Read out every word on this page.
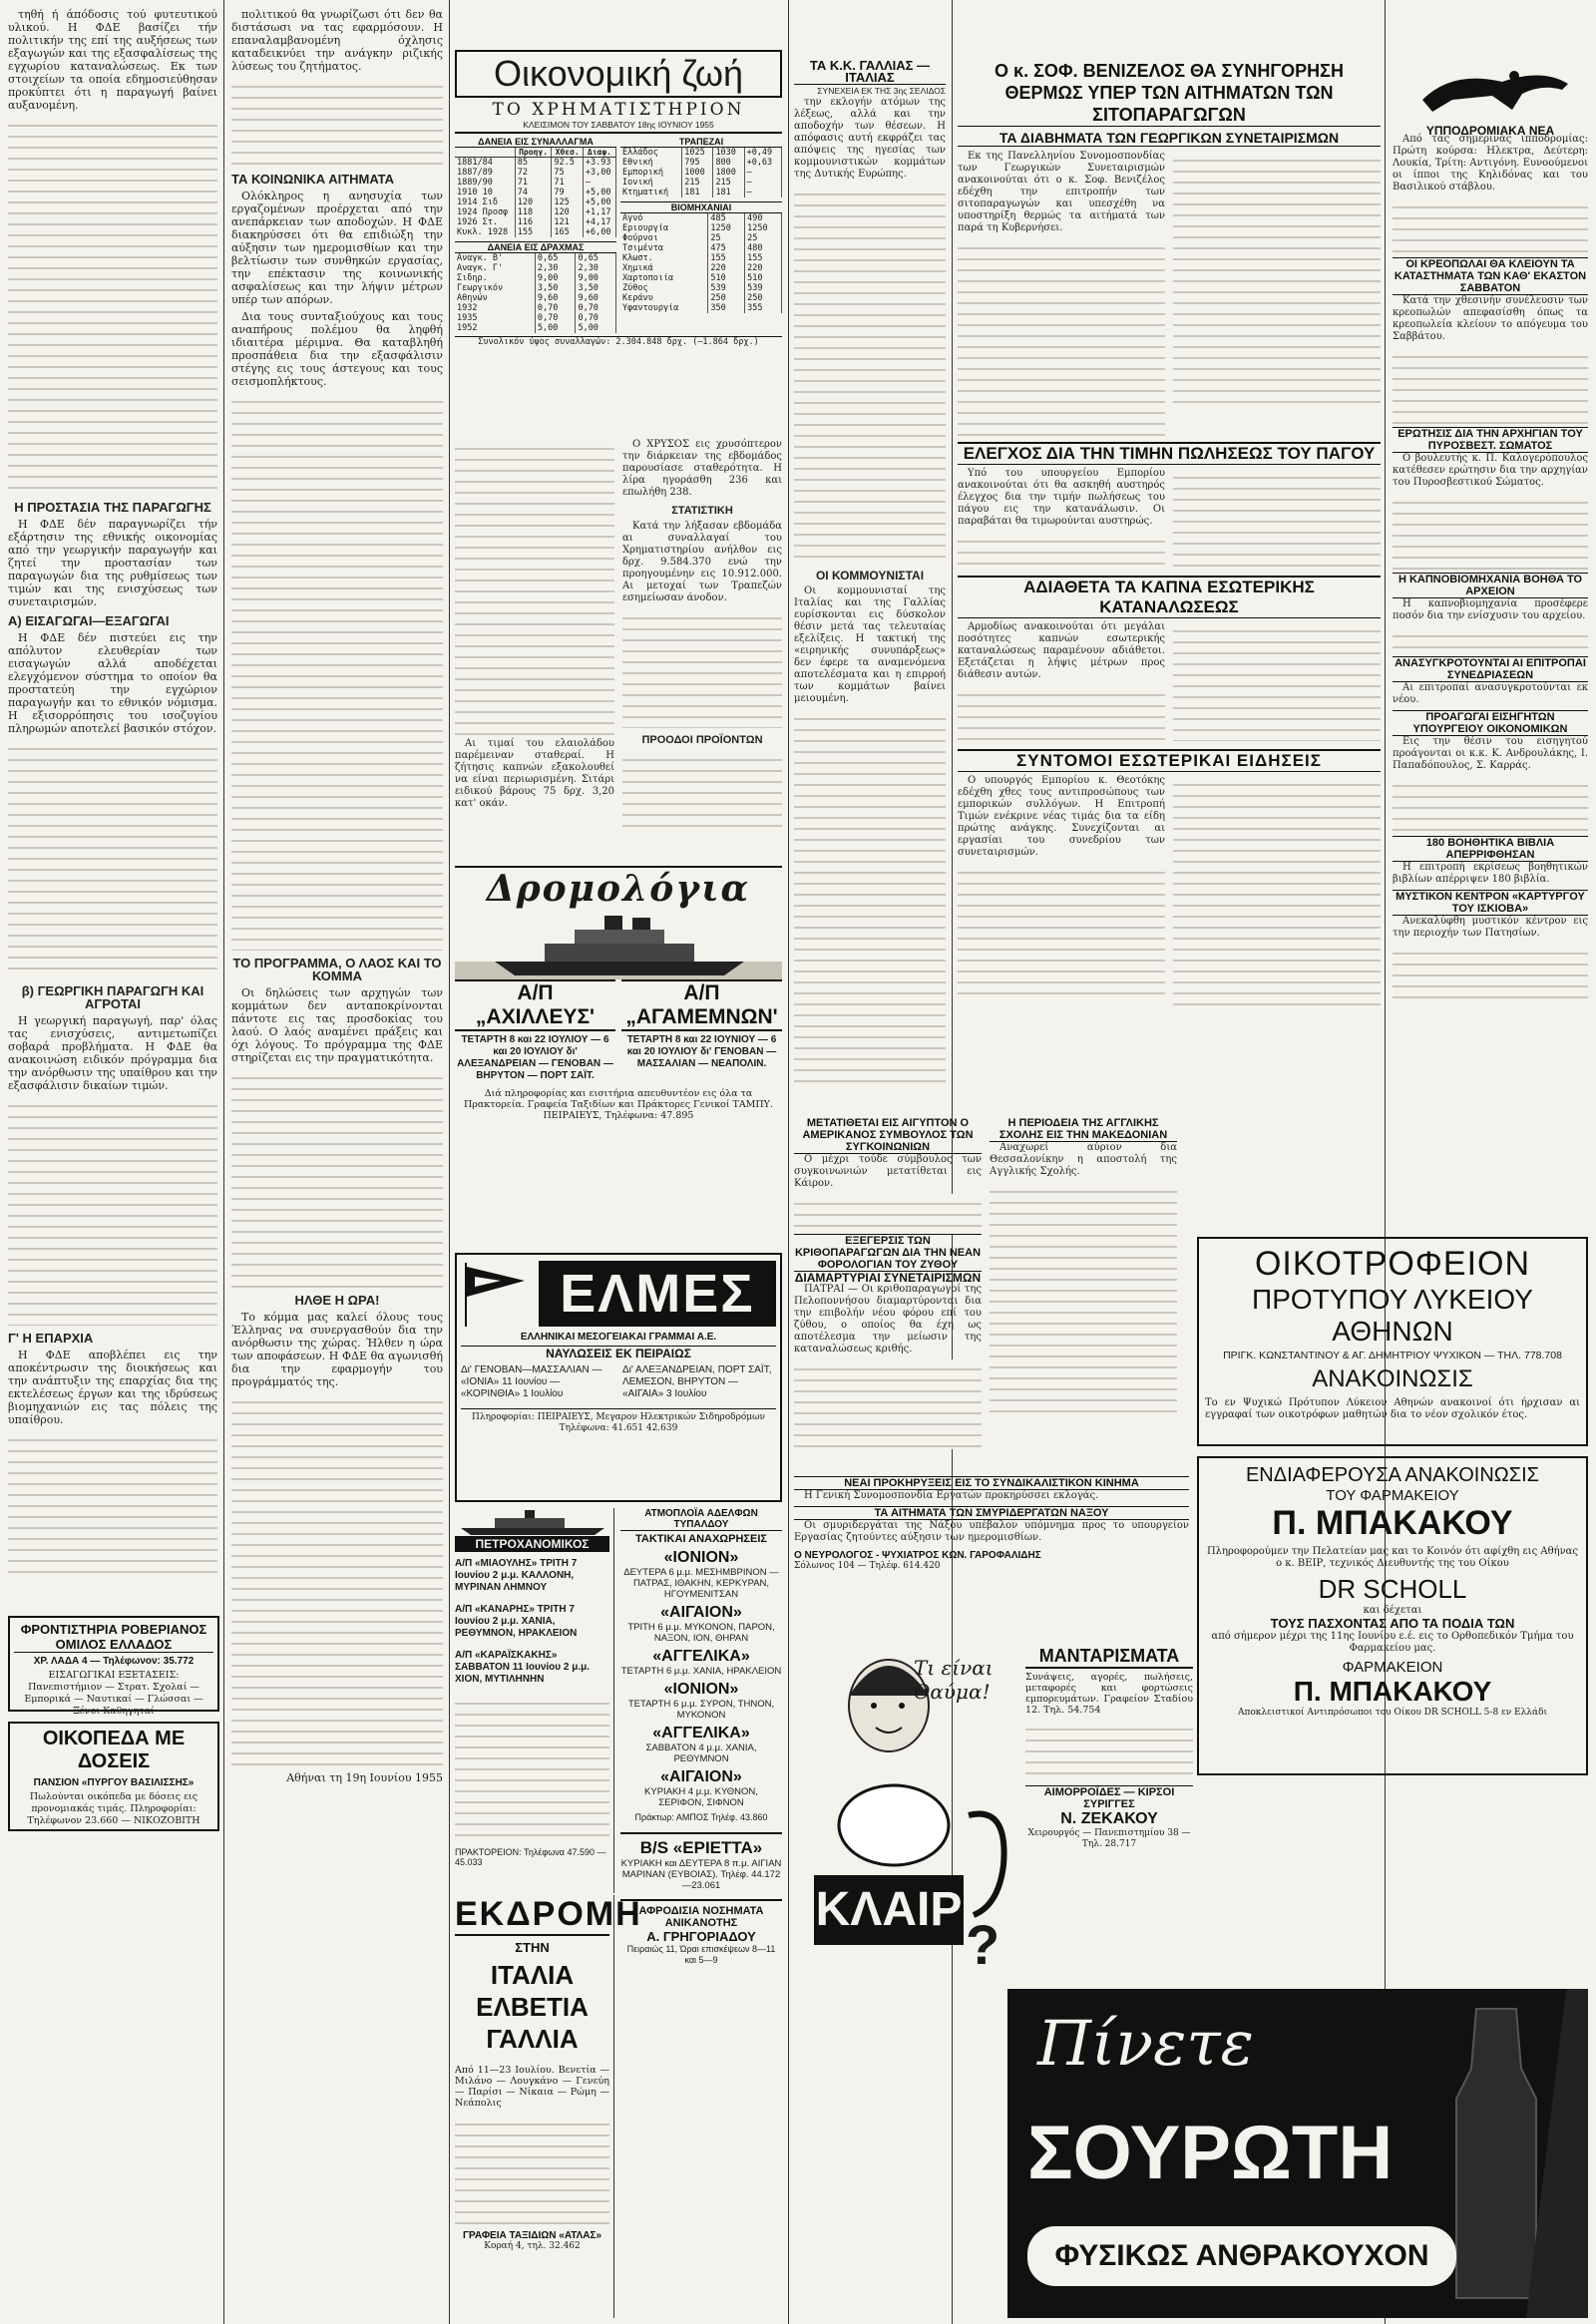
τηθή ή άπόδοσις τού φυτευτικού υλικού. Η ΦΔΕ βασίζει τήν πολιτικήν της επί της αυξήσεως των εξαγωγών και της εξασφαλίσεως της εγχωρίου καταναλώσεως. Εκ των στοιχείων τα οποία εδημοσιεύθησαν προκύπτει ότι η παραγωγή βαίνει αυξανομένη.

Η ΠΡΟΣΤΑΣΙΑ ΤΗΣ ΠΑΡΑΓΩΓΗΣ

Η ΦΔΕ δέν παραγνωρίζει τήν εξάρτησιν της εθνικής οικονομίας από την γεωργικήν παραγωγήν και ζητεί την προστασίαν των παραγωγών δια της ρυθμίσεως των τιμών και της ενισχύσεως των συνεταιρισμών.

Α) ΕΙΣΑΓΩΓΑΙ—ΕΞΑΓΩΓΑΙ

Η ΦΔΕ δέν πιστεύει εις την απόλυτον ελευθερίαν των εισαγωγών αλλά αποδέχεται ελεγχόμενον σύστημα το οποίον θα προστατεύη την εγχώριον παραγωγήν και το εθνικόν νόμισμα. Η εξισορρόπησις του ισοζυγίου πληρωμών αποτελεί βασικόν στόχον.

β) ΓΕΩΡΓΙΚΗ ΠΑΡΑΓΩΓΗ ΚΑΙ ΑΓΡΟΤΑΙ

Η γεωργική παραγωγή, παρ' όλας τας ενισχύσεις, αντιμετωπίζει σοβαρά προβλήματα. Η ΦΔΕ θα ανακοινώση ειδικόν πρόγραμμα δια την ανόρθωσιν της υπαίθρου και την εξασφάλισιν δικαίων τιμών.

Γ' Η ΕΠΑΡΧΙΑ

Η ΦΔΕ αποβλέπει εις την αποκέντρωσιν της διοικήσεως και την ανάπτυξιν της επαρχίας δια της εκτελέσεως έργων και της ιδρύσεως βιομηχανιών εις τας πόλεις της υπαίθρου.

ΦΡΟΝΤΙΣΤΗΡΙΑ ΡΟΒΕΡΙΑΝΟΣ ΟΜΙΛΟΣ ΕΛΛΑΔΟΣ
ΧΡ. ΛΑΔΑ 4 — Τηλέφωνον: 35.772
ΕΙΣΑΓΩΓΙΚΑΙ ΕΞΕΤΑΣΕΙΣ: Πανεπιστήμιον — Στρατ. Σχολαί — Εμπορικά — Ναυτικαί — Γλώσσαι — Ξένοι Καθηγηταί
ΟΙΚΟΠΕΔΑ ΜΕ ΔΟΣΕΙΣ
ΠΑΝΣΙΟΝ «ΠΥΡΓΟΥ ΒΑΣΙΛΙΣΣΗΣ»
Πωλούνται οικόπεδα με δόσεις εις προνομιακάς τιμάς. Πληροφορίαι: Τηλέφωνον 23.660 — ΝΙΚΟΖΟΒΙΤΗ

πολιτικού θα γνωρίζωσι ότι δεν θα διστάσωσι να τας εφαρμόσουν. Η επαναλαμβανομένη όχλησις καταδεικνύει την ανάγκην ριζικής λύσεως του ζητήματος.

ΤΑ ΚΟΙΝΩΝΙΚΑ ΑΙΤΗΜΑΤΑ

Ολόκληρος η ανησυχία των εργαζομένων προέρχεται από την ανεπάρκειαν των αποδοχών. Η ΦΔΕ διακηρύσσει ότι θα επιδιώξη την αύξησιν των ημερομισθίων και την βελτίωσιν των συνθηκών εργασίας, την επέκτασιν της κοινωνικής ασφαλίσεως και την λήψιν μέτρων υπέρ των απόρων.

Δια τους συνταξιούχους και τους αναπήρους πολέμου θα ληφθή ιδιαιτέρα μέριμνα. Θα καταβληθή προσπάθεια δια την εξασφάλισιν στέγης εις τους άστεγους και τους σεισμοπλήκτους.

ΤΟ ΠΡΟΓΡΑΜΜΑ, Ο ΛΑΟΣ ΚΑΙ ΤΟ ΚΟΜΜΑ

Οι δηλώσεις των αρχηγών των κομμάτων δεν ανταποκρίνονται πάντοτε εις τας προσδοκίας του λαού. Ο λαός αναμένει πράξεις και όχι λόγους. Το πρόγραμμα της ΦΔΕ στηρίζεται εις την πραγματικότητα.

ΗΛΘΕ Η ΩΡΑ!

Το κόμμα μας καλεί όλους τους Έλληνας να συνεργασθούν δια την ανόρθωσιν της χώρας. Ήλθεν η ώρα των αποφάσεων. Η ΦΔΕ θα αγωνισθή δια την εφαρμογήν του προγράμματός της.

Αθήναι τη 19η Ιουνίου 1955

Οικονομική ζωή
ΤΟ ΧΡΗΜΑΤΙΣΤΗΡΙΟΝ
ΚΛΕΙΣΙΜΟΝ ΤΟΥ ΣΑΒΒΑΤΟΥ 18ης ΙΟΥΝΙΟΥ 1955
ΔΑΝΕΙΑ ΕΙΣ ΣΥΝΑΛΛΑΓΜΑ
	Προηγ.	Χθεσ.	Διαφ.
1881/84	85	92.5	+3.93
1887/89	72	75	+3,00
1889/90	71	71	—
1910 10	74	79	+5,00
1914 Σιδ	120	125	+5,00
1924 Προσφ	118	120	+1,17
1926 Στ.	116	121	+4,17
Κυκλ. 1928	155	165	+6,00
ΔΑΝΕΙΑ ΕΙΣ ΔΡΑΧΜΑΣ
Αναγκ. Β'	0,65	0,65
Αναγκ. Γ'	2,30	2,30
Σιδηρ.	9,00	9,00
Γεωργικόν	3,50	3,50
Αθηνών	9,60	9,60
1932	0,70	0,70
1935	0,70	0,70
1952	5,00	5,00
ΤΡΑΠΕΖΑΙ
Ελλάδος	1025	1030	+0,49
Εθνική	795	800	+0,63
Εμπορική	1000	1800	—
Ιονική	215	215	—
Κτηματική	181	181	—
ΒΙΟΜΗΧΑΝΙΑΙ
Αγνό	485	490
Εριουργία	1250	1250
Φούρνοι	25	25
Τσιμέντα	475	480
Κλωστ.	155	155
Χημικά	220	220
Χαρτοποιία	510	510
Ζύθος	539	539
Κεράνυ	250	250
Υφαντουργία	350	355
Συνολικόν ύψος συναλλαγών: 2.304.848 δρχ. (—1.864 δρχ.)

Αι τιμαί του ελαιολάδου παρέμειναν σταθεραί. Η ζήτησις καπνών εξακολουθεί να είναι περιωρισμένη. Σιτάρι ειδικού βάρους 75 δρχ. 3,20 κατ' οκάν.

Ο ΧΡΥΣΟΣ εις χρυσόπτερον την διάρκειαν της εβδομάδος παρουσίασε σταθερότητα. Η λίρα ηγοράσθη 236 και επωλήθη 238.

ΣΤΑΤΙΣΤΙΚΗ

Κατά την λήξασαν εβδομάδα αι συναλλαγαί του Χρηματιστηρίου ανήλθον εις δρχ. 9.584.370 ενώ την προηγουμένην εις 10.912.000. Αι μετοχαί των Τραπεζών εσημείωσαν άνοδον.

ΠΡΟΟΔΟΙ ΠΡΟΪΟΝΤΩΝ
Δρομολόγια
Α/Π „ΑΧΙΛΛΕΥΣ'
ΤΕΤΑΡΤΗ 8 και 22 ΙΟΥΛΙΟΥ — 6 και 20 ΙΟΥΛΙΟΥ δι' ΑΛΕΞΑΝΔΡΕΙΑΝ — ΓΕΝΟΒΑΝ — ΒΗΡΥΤΟΝ — ΠΟΡΤ ΣΑΪΤ.
Α/Π „ΑΓΑΜΕΜΝΩΝ'
ΤΕΤΑΡΤΗ 8 και 22 ΙΟΥΝΙΟΥ — 6 και 20 ΙΟΥΛΙΟΥ δι' ΓΕΝΟΒΑΝ — ΜΑΣΣΑΛΙΑΝ — ΝΕΑΠΟΛΙΝ.
Διά πληροφορίας και εισιτήρια απευθυντέον εις όλα τα Πρακτορεία. Γραφεία Ταξιδίων και Πράκτορες Γενικοί ΤΑΜΠΥ. ΠΕΙΡΑΙΕΥΣ, Τηλέφωνα: 47.895
ΕΛΜΕΣ
ΕΛΛΗΝΙΚΑΙ ΜΕΣΟΓΕΙΑΚΑΙ ΓΡΑΜΜΑΙ Α.Ε.
ΝΑΥΛΩΣΕΙΣ ΕΚ ΠΕΙΡΑΙΩΣ
Δι' ΓΕΝΟΒΑΝ—ΜΑΣΣΑΛΙΑΝ — «ΙΟΝΙΑ» 11 Ιουνίου — «ΚΟΡΙΝΘΙΑ» 1 Ιουλίου
Δι' ΑΛΕΞΑΝΔΡΕΙΑΝ, ΠΟΡΤ ΣΑΪΤ, ΛΕΜΕΣΟΝ, ΒΗΡΥΤΟΝ — «ΑΙΓΑΙΑ» 3 Ιουλίου
Πληροφορίαι: ΠΕΙΡΑΙΕΥΣ, Μεγαρον Ηλεκτρικών Σιδηροδρόμων Τηλέφωνα: 41.651 42.639
ΠΕΤΡΟΧΑΝΟΜΙΚΟΣ
Α/Π «ΜΙΑΟΥΛΗΣ» ΤΡΙΤΗ 7 Ιουνίου 2 μ.μ. ΚΑΛΛΟΝΗ, ΜΥΡΙΝΑΝ ΛΗΜΝΟΥ
Α/Π «ΚΑΝΑΡΗΣ» ΤΡΙΤΗ 7 Ιουνίου 2 μ.μ. ΧΑΝΙΑ, ΡΕΘΥΜΝΟΝ, ΗΡΑΚΛΕΙΟΝ
Α/Π «ΚΑΡΑΪΣΚΑΚΗΣ» ΣΑΒΒΑΤΟΝ 11 Ιουνίου 2 μ.μ. ΧΙΟΝ, ΜΥΤΙΛΗΝΗΝ
ΠΡΑΚΤΟΡΕΙΟΝ: Τηλέφωνα 47.590 — 45.033
ΑΤΜΟΠΛΟΪΑ ΑΔΕΛΦΩΝ ΤΥΠΑΛΔΟΥ
ΤΑΚΤΙΚΑΙ ΑΝΑΧΩΡΗΣΕΙΣ
«ΙΟΝΙΟΝ»
ΔΕΥΤΕΡΑ 6 μ.μ. ΜΕΣΗΜΒΡΙΝΟΝ — ΠΑΤΡΑΣ, ΙΘΑΚΗΝ, ΚΕΡΚΥΡΑΝ, ΗΓΟΥΜΕΝΙΤΣΑΝ
«ΑΙΓΑΙΟΝ»
ΤΡΙΤΗ 6 μ.μ. ΜΥΚΟΝΟΝ, ΠΑΡΟΝ, ΝΑΞΟΝ, ΙΟΝ, ΘΗΡΑΝ
«ΑΓΓΕΛΙΚΑ»
ΤΕΤΑΡΤΗ 6 μ.μ. ΧΑΝΙΑ, ΗΡΑΚΛΕΙΟΝ
«ΙΟΝΙΟΝ»
ΤΕΤΑΡΤΗ 6 μ.μ. ΣΥΡΟΝ, ΤΗΝΟΝ, ΜΥΚΟΝΟΝ
«ΑΓΓΕΛΙΚΑ»
ΣΑΒΒΑΤΟΝ 4 μ.μ. ΧΑΝΙΑ, ΡΕΘΥΜΝΟΝ
«ΑΙΓΑΙΟΝ»
ΚΥΡΙΑΚΗ 4 μ.μ. ΚΥΘΝΟΝ, ΣΕΡΙΦΟΝ, ΣΙΦΝΟΝ
Πράκτωρ: ΑΜΠΟΣ Τηλέφ. 43.860
Β/S «ΕΡΙΕΤΤΑ»
ΚΥΡΙΑΚΗ και ΔΕΥΤΕΡΑ 8 π.μ. ΑΙΓΙΑΝ ΜΑΡΙΝΑΝ (ΕΥΒΟΙΑΣ). Τηλέφ. 44.172—23.061
ΑΦΡΟΔΙΣΙΑ ΝΟΣΗΜΑΤΑ ΑΝΙΚΑΝΟΤΗΣ
Α. ΓΡΗΓΟΡΙΑΔΟΥ
Πειραιώς 11, Ώραι επισκέψεων 8—11 και 5—9
ΕΚΔΡΟΜΗ
ΣΤΗΝ
ΙΤΑΛΙΑ ΕΛΒΕΤΙΑ ΓΑΛΛΙΑ
Από 11—23 Ιουλίου. Βενετία — Μιλάνο — Λουγκάνο — Γενεύη — Παρίσι — Νίκαια — Ρώμη — Νεάπολις
ΓΡΑΦΕΙΑ ΤΑΞΙΔΙΩΝ «ΑΤΛΑΣ»
Κοραή 4, τηλ. 32.462
ΤΑ Κ.Κ. ΓΑΛΛΙΑΣ — ΙΤΑΛΙΑΣ
ΣΥΝΕΧΕΙΑ ΕΚ ΤΗΣ 3ης ΣΕΛΙΔΟΣ

την εκλογήν ατόμων της λέξεως, αλλά και την αποδοχήν των θέσεων. Η απόφασις αυτή εκφράζει τας απόψεις της ηγεσίας των κομμουνιστικών κομμάτων της Δυτικής Ευρώπης.

ΟΙ ΚΟΜΜΟΥΝΙΣΤΑΙ

Οι κομμουνισταί της Ιταλίας και της Γαλλίας ευρίσκονται εις δύσκολον θέσιν μετά τας τελευταίας εξελίξεις. Η τακτική της «ειρηνικής συνυπάρξεως» δεν έφερε τα αναμενόμενα αποτελέσματα και η επιρροή των κομμάτων βαίνει μειουμένη.

Ο κ. ΣΟΦ. ΒΕΝΙΖΕΛΟΣ ΘΑ ΣΥΝΗΓΟΡΗΣΗ ΘΕΡΜΩΣ ΥΠΕΡ ΤΩΝ ΑΙΤΗΜΑΤΩΝ ΤΩΝ ΣΙΤΟΠΑΡΑΓΩΓΩΝ
ΤΑ ΔΙΑΒΗΜΑΤΑ ΤΩΝ ΓΕΩΡΓΙΚΩΝ ΣΥΝΕΤΑΙΡΙΣΜΩΝ

Εκ της Πανελληνίου Συνομοσπονδίας των Γεωργικών Συνεταιρισμών ανακοινούται ότι ο κ. Σοφ. Βενιζέλος εδέχθη την επιτροπήν των σιτοπαραγωγών και υπεσχέθη να υποστηρίξη θερμώς τα αιτήματά των παρά τη Κυβερνήσει.

ΕΛΕΓΧΟΣ ΔΙΑ ΤΗΝ ΤΙΜΗΝ ΠΩΛΗΣΕΩΣ ΤΟΥ ΠΑΓΟΥ

Υπό του υπουργείου Εμπορίου ανακοινούται ότι θα ασκηθή αυστηρός έλεγχος δια την τιμήν πωλήσεως του πάγου εις την κατανάλωσιν. Οι παραβάται θα τιμωρούνται αυστηρώς.

ΑΔΙΑΘΕΤΑ ΤΑ ΚΑΠΝΑ ΕΣΩΤΕΡΙΚΗΣ ΚΑΤΑΝΑΛΩΣΕΩΣ

Αρμοδίως ανακοινούται ότι μεγάλαι ποσότητες καπνών εσωτερικής καταναλώσεως παραμένουν αδιάθετοι. Εξετάζεται η λήψις μέτρων προς διάθεσιν αυτών.

ΣΥΝΤΟΜΟΙ ΕΣΩΤΕΡΙΚΑΙ ΕΙΔΗΣΕΙΣ

Ο υπουργός Εμπορίου κ. Θεοτόκης εδέχθη χθες τους αντιπροσώπους των εμπορικών συλλόγων. Η Επιτροπή Τιμών ενέκρινε νέας τιμάς δια τα είδη πρώτης ανάγκης. Συνεχίζονται αι εργασίαι του συνεδρίου των συνεταιρισμών.

ΜΕΤΑΤΙΘΕΤΑΙ ΕΙΣ ΑΙΓΥΠΤΟΝ Ο ΑΜΕΡΙΚΑΝΟΣ ΣΥΜΒΟΥΛΟΣ ΤΩΝ ΣΥΓΚΟΙΝΩΝΙΩΝ

Ο μέχρι τούδε σύμβουλος των συγκοινωνιών μετατίθεται εις Κάιρον.

ΕΞΕΓΕΡΣΙΣ ΤΩΝ ΚΡΙΘΟΠΑΡΑΓΩΓΩΝ ΔΙΑ ΤΗΝ ΝΕΑΝ ΦΟΡΟΛΟΓΙΑΝ ΤΟΥ ΖΥΘΟΥ
ΔΙΑΜΑΡΤΥΡΙΑΙ ΣΥΝΕΤΑΙΡΙΣΜΩΝ

ΠΑΤΡΑΙ — Οι κριθοπαραγωγοί της Πελοποννήσου διαμαρτύρονται δια την επιβολήν νέου φόρου επί του ζύθου, ο οποίος θα έχη ως αποτέλεσμα την μείωσιν της καταναλώσεως κριθής.

Η ΠΕΡΙΟΔΕΙΑ ΤΗΣ ΑΓΓΛΙΚΗΣ ΣΧΟΛΗΣ ΕΙΣ ΤΗΝ ΜΑΚΕΔΟΝΙΑΝ

Αναχωρεί αύριον δια Θεσσαλονίκην η αποστολή της Αγγλικής Σχολής.

ΝΕΑΙ ΠΡΟΚΗΡΥΞΕΙΣ ΕΙΣ ΤΟ ΣΥΝΔΙΚΑΛΙΣΤΙΚΟΝ ΚΙΝΗΜΑ

Η Γενική Συνομοσπονδία Εργατών προκηρύσσει εκλογάς.

ΤΑ ΑΙΤΗΜΑΤΑ ΤΩΝ ΣΜΥΡΙΔΕΡΓΑΤΩΝ ΝΑΞΟΥ

Οι σμυριδεργάται της Νάξου υπέβαλον υπόμνημα προς το υπουργείον Εργασίας ζητούντες αύξησιν των ημερομισθίων.

Ο ΝΕΥΡΟΛΟΓΟΣ - ΨΥΧΙΑΤΡΟΣ ΚΩΝ. ΓΑΡΟΦΑΛΙΔΗΣ
Σόλωνος 104 — Τηλέφ. 614.420
Τι είναι Θαύμα!
ΚΛΑΙΡ
?
ΜΑΝΤΑΡΙΣΜΑΤΑ
Συνάψεις, αγορές, πωλήσεις, μεταφορές και φορτώσεις εμπορευμάτων. Γραφείον Σταδίου 12. Τηλ. 54.754
ΑΙΜΟΡΡΟΪΔΕΣ — ΚΙΡΣΟΙ ΣΥΡΙΓΓΕΣ
Ν. ΖΕΚΑΚΟΥ
Χειρουργός — Πανεπιστημίου 38 — Τηλ. 28.717
ΥΠΠΟΔΡΟΜΙΑΚΑ ΝΕΑ

Από τας σημερινάς ιπποδρομίας: Πρώτη κούρσα: Ηλεκτρα, Δεύτερη: Λουκία, Τρίτη: Αντιγόνη. Ευνοούμενοι οι ίπποι της Κηλιδόνας και του Βασιλικού στάβλου.

ΟΙ ΚΡΕΟΠΩΛΑΙ ΘΑ ΚΛΕΙΟΥΝ ΤΑ ΚΑΤΑΣΤΗΜΑΤΑ ΤΩΝ ΚΑΘ' ΕΚΑΣΤΟΝ ΣΑΒΒΑΤΟΝ

Κατά την χθεσινήν συνέλευσιν των κρεοπωλών απεφασίσθη όπως τα κρεοπωλεία κλείουν το απόγευμα του Σαββάτου.

ΕΡΩΤΗΣΙΣ ΔΙΑ ΤΗΝ ΑΡΧΗΓΙΑΝ ΤΟΥ ΠΥΡΟΣΒΕΣΤ. ΣΩΜΑΤΟΣ

Ο βουλευτής κ. Π. Καλογερόπουλος κατέθεσεν ερώτησιν δια την αρχηγίαν του Πυροσβεστικού Σώματος.

Η ΚΑΠΝΟΒΙΟΜΗΧΑΝΙΑ ΒΟΗΘΑ ΤΟ ΑΡΧΕΙΟΝ

Η καπνοβιομηχανία προσέφερε ποσόν δια την ενίσχυσιν του αρχείου.

ΑΝΑΣΥΓΚΡΟΤΟΥΝΤΑΙ ΑΙ ΕΠΙΤΡΟΠΑΙ ΣΥΝΕΔΡΙΑΣΕΩΝ

Αι επιτροπαί ανασυγκροτούνται εκ νέου.

ΠΡΟΑΓΩΓΑΙ ΕΙΣΗΓΗΤΩΝ ΥΠΟΥΡΓΕΙΟΥ ΟΙΚΟΝΟΜΙΚΩΝ

Εις την θέσιν του εισηγητού προάγονται οι κ.κ. Κ. Ανδρουλάκης, Ι. Παπαδόπουλος, Σ. Καρράς.

180 ΒΟΗΘΗΤΙΚΑ ΒΙΒΛΙΑ ΑΠΕΡΡΙΦΘΗΣΑΝ

Η επιτροπή εκρίσεως βοηθητικών βιβλίων απέρριψεν 180 βιβλία.

ΜΥΣΤΙΚΟΝ ΚΕΝΤΡΟΝ «ΚΑΡΤΥΡΓΟΥ ΤΟΥ ΙΣΚΙΟΒΑ»

Ανεκαλύφθη μυστικόν κέντρον εις την περιοχήν των Πατησίων.

ΟΙΚΟΤΡΟΦΕΙΟΝ
ΠΡΟΤΥΠΟΥ ΛΥΚΕΙΟΥ ΑΘΗΝΩΝ
ΠΡΙΓΚ. ΚΩΝΣΤΑΝΤΙΝΟΥ & ΑΓ. ΔΗΜΗΤΡΙΟΥ ΨΥΧΙΚΟΝ — ΤΗΛ. 778.708
ΑΝΑΚΟΙΝΩΣΙΣ
Το εν Ψυχικώ Πρότυπον Λύκειον Αθηνών ανακοινοί ότι ήρχισαν αι εγγραφαί των οικοτρόφων μαθητών δια το νέον σχολικόν έτος.
ΕΝΔΙΑΦΕΡΟΥΣΑ ΑΝΑΚΟΙΝΩΣΙΣ
ΤΟΥ ΦΑΡΜΑΚΕΙΟΥ
Π. ΜΠΑΚΑΚΟΥ
Πληροφορούμεν την Πελατείαν μας και το Κοινόν ότι αφίχθη εις Αθήνας ο κ. ΒΕΙΡ, τεχνικός Διευθυντής της του Οίκου
DR SCHOLL
και δέχεται
ΤΟΥΣ ΠΑΣΧΟΝΤΑΣ ΑΠΟ ΤΑ ΠΟΔΙΑ ΤΩΝ
από σήμερον μέχρι της 11ης Ιουνίου ε.έ. εις το Ορθοπεδικόν Τμήμα του Φαρμακείου μας.
ΦΑΡΜΑΚΕΙΟΝ
Π. ΜΠΑΚΑΚΟΥ
Αποκλειστικοί Αντιπρόσωποι του Οίκου DR SCHOLL 5-8 εν Ελλάδι
Πίνετε
ΣΟΥΡΩΤΗ
ΦΥΣΙΚΩΣ ΑΝΘΡΑΚΟΥΧΟΝ
